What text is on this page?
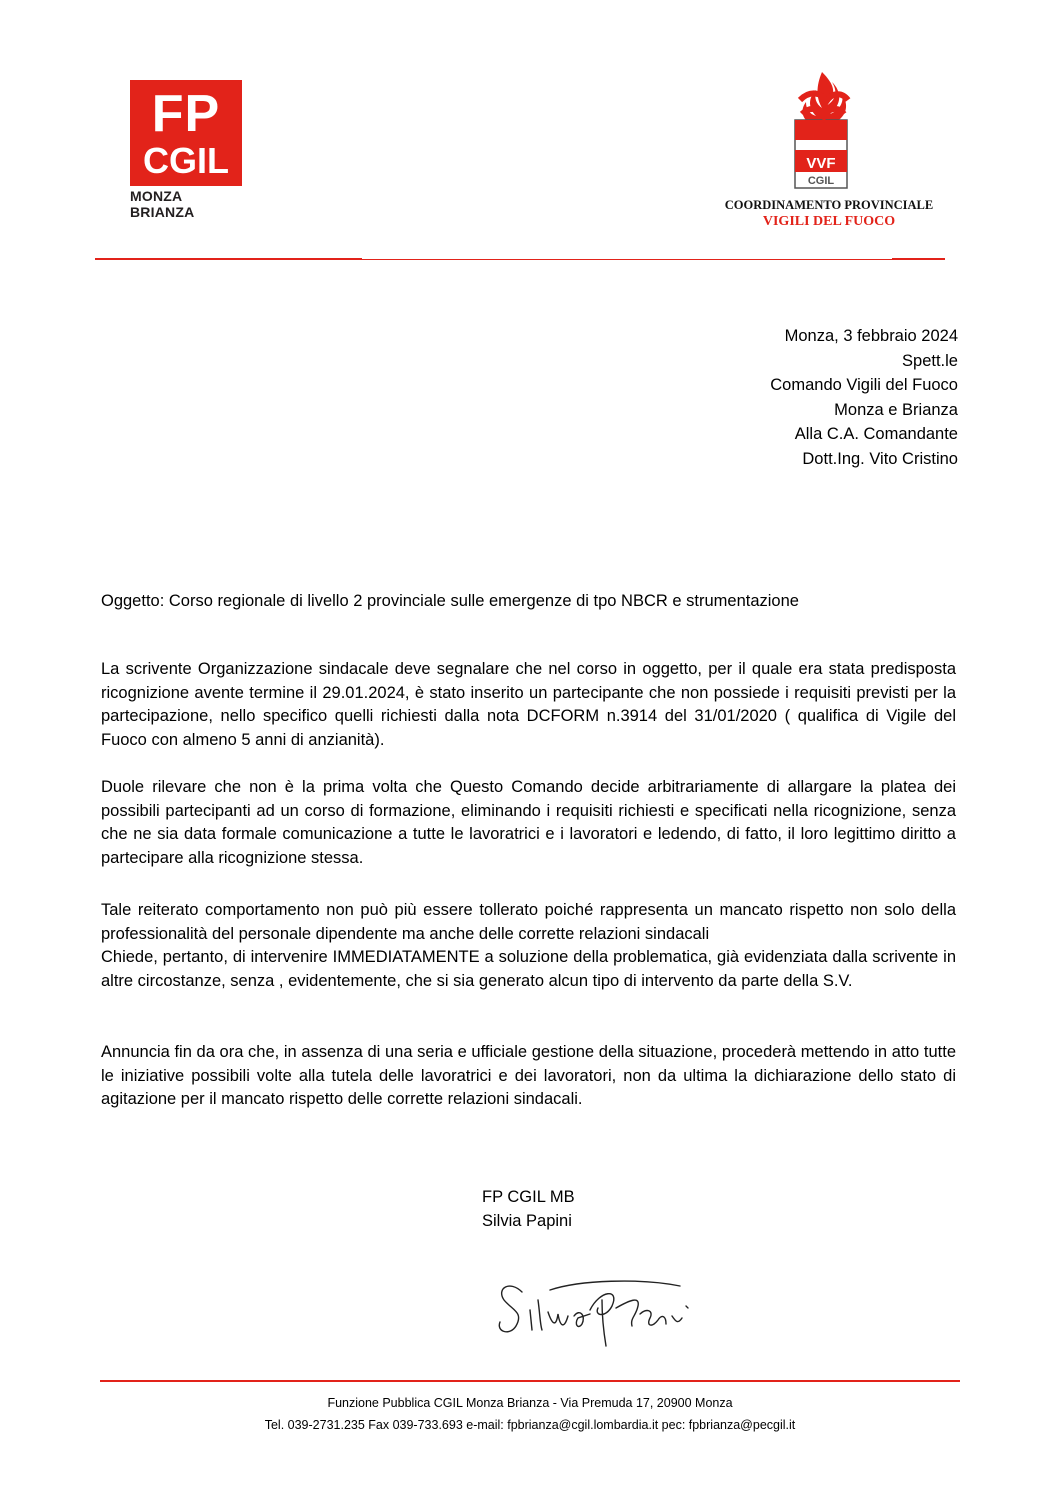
FP
CGIL
MONZA BRIANZA
VVF
CGIL
COORDINAMENTO PROVINCIALE
VIGILI DEL FUOCO
Monza, 3 febbraio 2024
Spett.le
Comando Vigili del Fuoco
Monza e Brianza
Alla C.A. Comandante
Dott.Ing. Vito Cristino
Oggetto: Corso regionale di livello 2 provinciale sulle emergenze di tpo NBCR e strumentazione

La scrivente Organizzazione sindacale deve segnalare che nel corso in oggetto, per il quale era stata predisposta ricognizione avente termine il 29.01.2024, è stato inserito un partecipante che non possiede i requisiti previsti per la partecipazione, nello specifico quelli richiesti dalla nota DCFORM n.3914 del 31/01/2020 ( qualifica di Vigile del Fuoco con almeno 5 anni di anzianità).

Duole rilevare che non è la prima volta che Questo Comando decide arbitrariamente di allargare la platea dei possibili partecipanti ad un corso di formazione, eliminando i requisiti richiesti e specificati nella ricognizione, senza che ne sia data formale comunicazione a tutte le lavoratrici e i lavoratori e ledendo, di fatto, il loro legittimo diritto a partecipare alla ricognizione stessa.

Tale reiterato comportamento non può più essere tollerato poiché rappresenta un mancato rispetto non solo della professionalità del personale dipendente ma anche delle corrette relazioni sindacali

Chiede, pertanto, di intervenire IMMEDIATAMENTE a soluzione della problematica, già evidenziata dalla scrivente in altre circostanze, senza , evidentemente, che si sia generato alcun tipo di intervento da parte della S.V.

Annuncia fin da ora che, in assenza di una seria e ufficiale gestione della situazione, procederà mettendo in atto tutte le iniziative possibili volte alla tutela delle lavoratrici e dei lavoratori, non da ultima la dichiarazione dello stato di agitazione per il mancato rispetto delle corrette relazioni sindacali.

FP CGIL MB
Silvia Papini
Funzione Pubblica CGIL Monza Brianza - Via Premuda 17, 20900 Monza
Tel. 039-2731.235 Fax 039-733.693 e-mail: fpbrianza@cgil.lombardia.it pec: fpbrianza@pecgil.it
